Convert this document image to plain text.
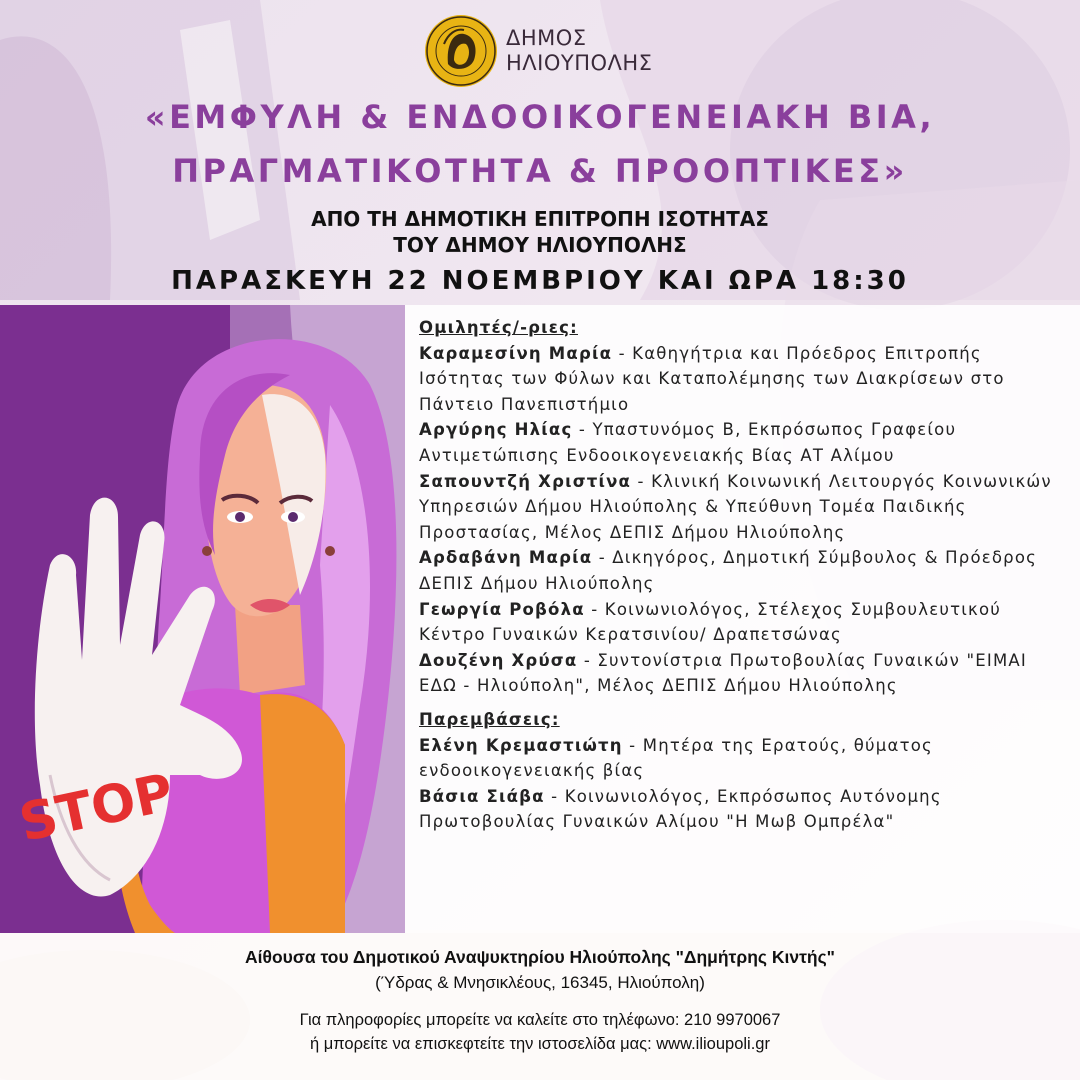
ΔΗΜΟΣ
ΗΛΙΟΥΠΟΛΗΣ
«ΕΜΦΥΛΗ & ΕΝΔΟΟΙΚΟΓΕΝΕΙΑΚΗ ΒΙΑ,
ΠΡΑΓΜΑΤΙΚΟΤΗΤΑ & ΠΡΟΟΠΤΙΚΕΣ»
ΑΠΟ ΤΗ ΔΗΜΟΤΙΚΗ ΕΠΙΤΡΟΠΗ ΙΣΟΤΗΤΑΣ
ΤΟΥ ΔΗΜΟΥ ΗΛΙΟΥΠΟΛΗΣ
ΠΑΡΑΣΚΕΥΗ 22 ΝΟΕΜΒΡΙΟΥ ΚΑΙ ΩΡΑ 18:30
STOP
Ομιλητές/-ριες:
Καραμεσίνη Μαρία - Καθηγήτρια και Πρόεδρος Επιτροπής Ισότητας των Φύλων και Καταπολέμησης των Διακρίσεων στο Πάντειο Πανεπιστήμιο
Αργύρης Ηλίας - Υπαστυνόμος Β, Εκπρόσωπος Γραφείου Αντιμετώπισης Ενδοοικογενειακής Βίας ΑΤ Αλίμου
Σαπουντζή Χριστίνα - Κλινική Κοινωνική Λειτουργός Κοινωνικών Υπηρεσιών Δήμου Ηλιούπολης & Υπεύθυνη Τομέα Παιδικής Προστασίας, Μέλος ΔΕΠΙΣ Δήμου Ηλιούπολης
Αρδαβάνη Μαρία - Δικηγόρος, Δημοτική Σύμβουλος & Πρόεδρος ΔΕΠΙΣ Δήμου Ηλιούπολης
Γεωργία Ροβόλα - Κοινωνιολόγος, Στέλεχος Συμβουλευτικού Κέντρο Γυναικών Κερατσινίου/ Δραπετσώνας
Δουζένη Χρύσα - Συντονίστρια Πρωτοβουλίας Γυναικών "ΕΙΜΑΙ ΕΔΩ - Ηλιούπολη", Μέλος ΔΕΠΙΣ Δήμου Ηλιούπολης
Παρεμβάσεις:
Ελένη Κρεμαστιώτη - Μητέρα της Ερατούς, θύματος ενδοοικογενειακής βίας
Βάσια Σιάβα - Κοινωνιολόγος, Εκπρόσωπος Αυτόνομης Πρωτοβουλίας Γυναικών Αλίμου "Η Μωβ Ομπρέλα"
Αίθουσα του Δημοτικού Αναψυκτηρίου Ηλιούπολης "Δημήτρης Κιντής"
(Ύδρας & Μνησικλέους, 16345, Ηλιούπολη)
Για πληροφορίες μπορείτε να καλείτε στο τηλέφωνο: 210 9970067
ή μπορείτε να επισκεφτείτε την ιστοσελίδα μας: www.ilioupoli.gr
